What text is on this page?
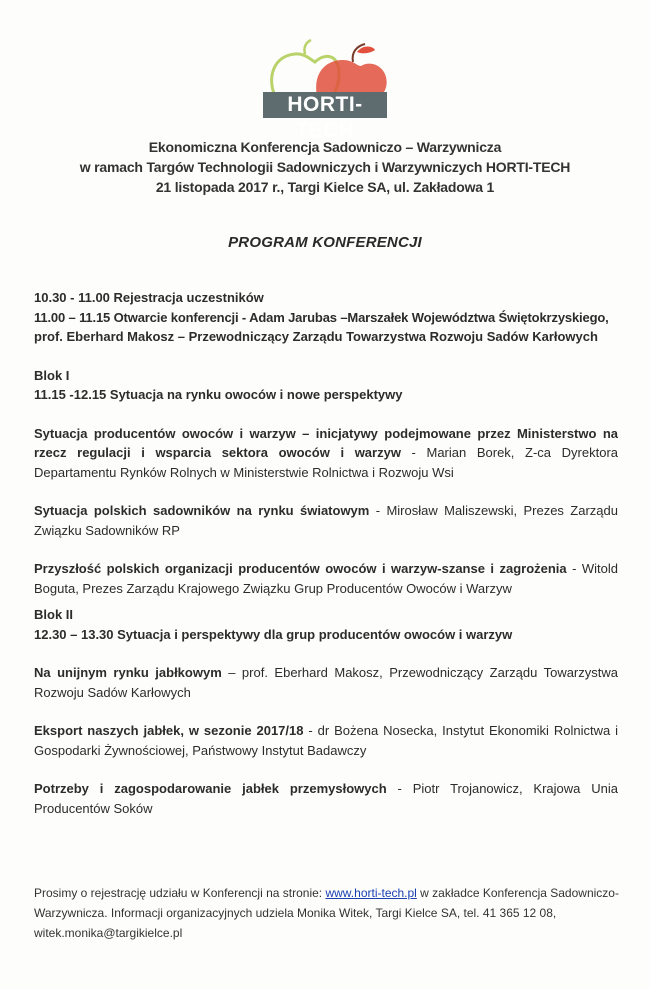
HORTI-TECH
Ekonomiczna Konferencja Sadowniczo – Warzywnicza
w ramach Targów Technologii Sadowniczych i Warzywniczych HORTI-TECH
21 listopada 2017 r., Targi Kielce SA, ul. Zakładowa 1
PROGRAM KONFERENCJI
10.30 - 11.00 Rejestracja uczestników
11.00 – 11.15 Otwarcie konferencji - Adam Jarubas –Marszałek Województwa Świętokrzyskiego,
prof. Eberhard Makosz – Przewodniczący Zarządu Towarzystwa Rozwoju Sadów Karłowych
Blok I
11.15 -12.15 Sytuacja na rynku owoców i nowe perspektywy
Sytuacja producentów owoców i warzyw – inicjatywy podejmowane przez Ministerstwo na rzecz regulacji i wsparcia sektora owoców i warzyw - Marian Borek, Z-ca Dyrektora Departamentu Rynków Rolnych w Ministerstwie Rolnictwa i Rozwoju Wsi
Sytuacja polskich sadowników na rynku światowym - Mirosław Maliszewski, Prezes Zarządu Związku Sadowników RP
Przyszłość polskich organizacji producentów owoców i warzyw-szanse i zagrożenia - Witold Boguta, Prezes Zarządu Krajowego Związku Grup Producentów Owoców i Warzyw
Blok II
12.30 – 13.30 Sytuacja i perspektywy dla grup producentów owoców i warzyw
Na unijnym rynku jabłkowym – prof. Eberhard Makosz, Przewodniczący Zarządu Towarzystwa Rozwoju Sadów Karłowych
Eksport naszych jabłek, w sezonie 2017/18 - dr Bożena Nosecka, Instytut Ekonomiki Rolnictwa i Gospodarki Żywnościowej, Państwowy Instytut Badawczy
Potrzeby i zagospodarowanie jabłek przemysłowych - Piotr Trojanowicz, Krajowa Unia Producentów Soków
Prosimy o rejestrację udziału w Konferencji na stronie: www.horti-tech.pl w zakładce Konferencja Sadowniczo-Warzywnicza. Informacji organizacyjnych udziela Monika Witek, Targi Kielce SA, tel. 41 365 12 08, witek.monika@targikielce.pl
